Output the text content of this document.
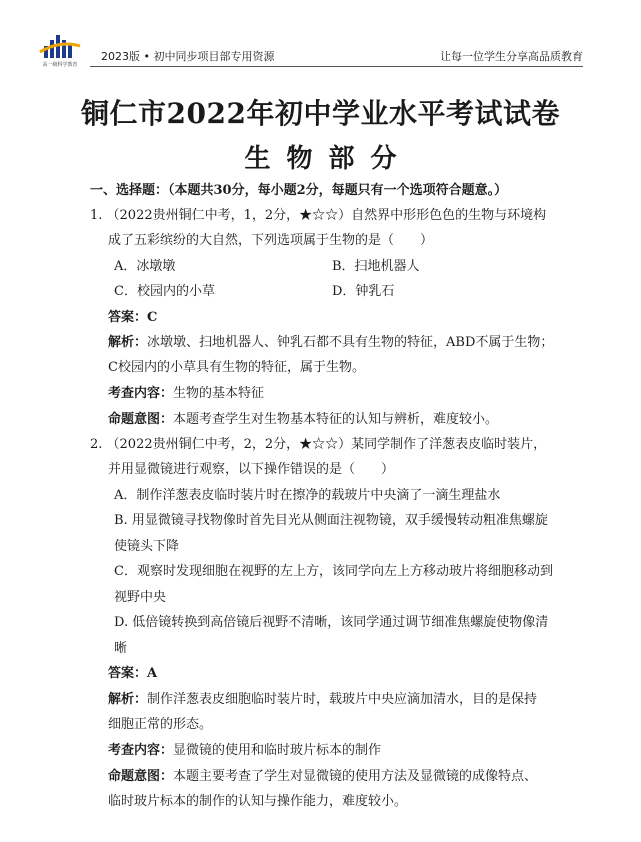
高一级科学教育
2023版 • 初中同步项目部专用资源	让每一位学生分享高品质教育
铜仁市2022年初中学业水平考试试卷
生物部分
一、选择题：（本题共30分，每小题2分，每题只有一个选项符合题意。）
1. （2022贵州铜仁中考，1，2分，★☆☆）自然界中形形色色的生物与环境构
成了五彩缤纷的大自然，下列选项属于生物的是（　　）
A．冰墩墩	B．扫地机器人
C．校园内的小草	D．钟乳石
答案：C
解析：冰墩墩、扫地机器人、钟乳石都不具有生物的特征，ABD不属于生物；
C校园内的小草具有生物的特征，属于生物。
考查内容：生物的基本特征
命题意图：本题考查学生对生物基本特征的认知与辨析，难度较小。
2. （2022贵州铜仁中考，2，2分，★☆☆）某同学制作了洋葱表皮临时装片，
并用显微镜进行观察，以下操作错误的是（　　）
A．制作洋葱表皮临时装片时在擦净的载玻片中央滴了一滴生理盐水
B. 用显微镜寻找物像时首先目光从侧面注视物镜，双手缓慢转动粗准焦螺旋
使镜头下降
C．观察时发现细胞在视野的左上方，该同学向左上方移动玻片将细胞移动到
视野中央
D. 低倍镜转换到高倍镜后视野不清晰，该同学通过调节细准焦螺旋使物像清
晰
答案：A
解析：制作洋葱表皮细胞临时装片时，载玻片中央应滴加清水，目的是保持
细胞正常的形态。
考查内容：显微镜的使用和临时玻片标本的制作
命题意图：本题主要考查了学生对显微镜的使用方法及显微镜的成像特点、
临时玻片标本的制作的认知与操作能力，难度较小。
